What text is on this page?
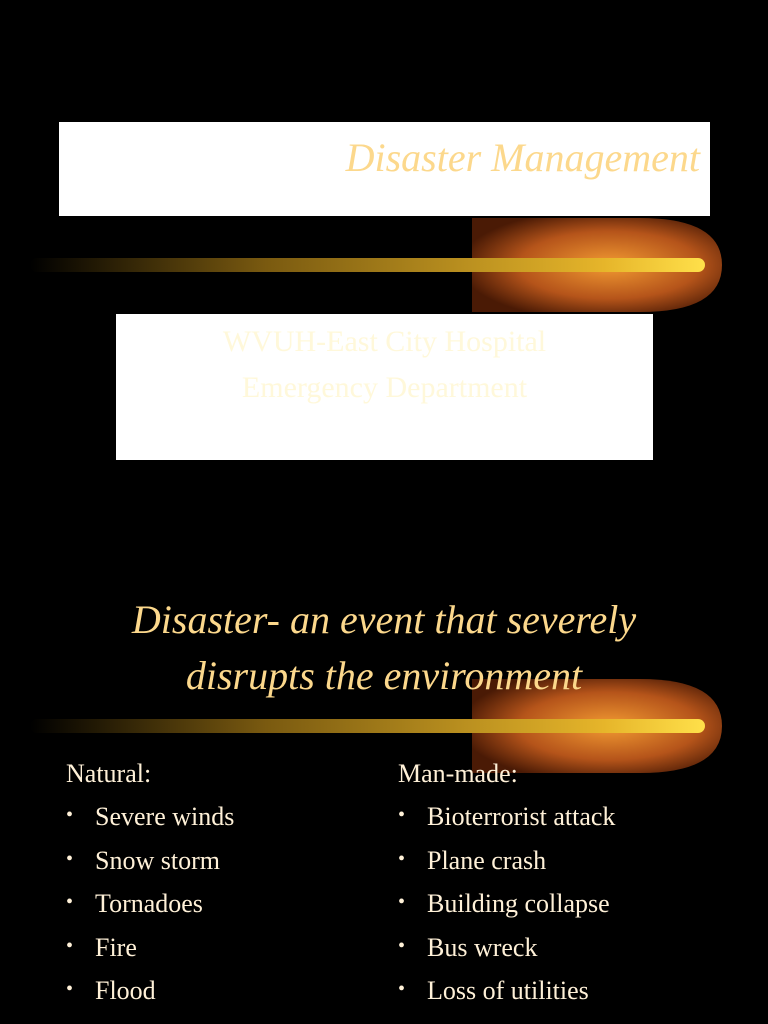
Disaster Management
WVUH-East City Hospital
Emergency Department
Disaster- an event that severely
disrupts the environment
Natural:
• Severe winds
• Snow storm
• Tornadoes
• Fire
• Flood
Man-made:
• Bioterrorist attack
• Plane crash
• Building collapse
• Bus wreck
• Loss of utilities
